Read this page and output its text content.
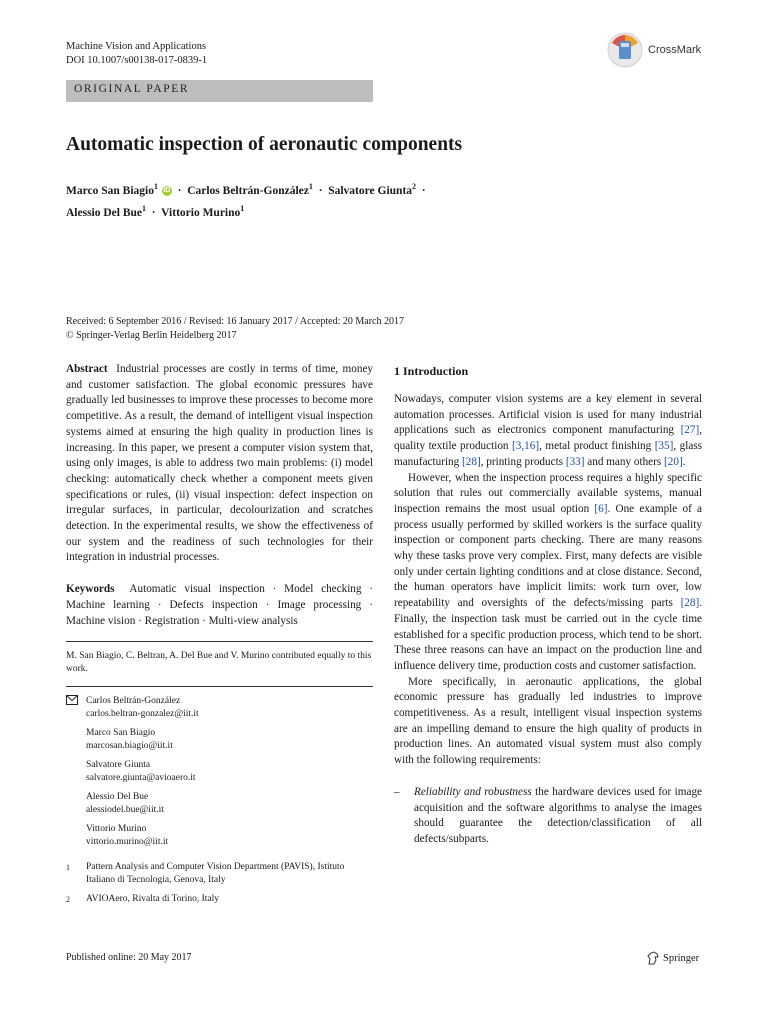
Machine Vision and Applications
DOI 10.1007/s00138-017-0839-1
CrossMark
ORIGINAL PAPER
Automatic inspection of aeronautic components
Marco San Biagio$^1$ iD · Carlos Beltrán-González$^1$ · Salvatore Giunta$^2$ ·
Alessio Del Bue$^1$ · Vittorio Murino$^1$
Received: 6 September 2016 / Revised: 16 January 2017 / Accepted: 20 March 2017
© Springer-Verlag Berlin Heidelberg 2017

Abstract Industrial processes are costly in terms of time, money and customer satisfaction. The global economic pressures have gradually led businesses to improve these processes to become more competitive. As a result, the demand of intelligent visual inspection systems aimed at ensuring the high quality in production lines is increasing. In this paper, we present a computer vision system that, using only images, is able to address two main problems: (i) model checking: automatically check whether a component meets given specifications or rules, (ii) visual inspection: defect inspection on irregular surfaces, in particular, decolourization and scratches detection. In the experimental results, we show the effectiveness of our system and the readiness of such technologies for their integration in industrial processes.

Keywords Automatic visual inspection · Model checking · Machine learning · Defects inspection · Image processing · Machine vision · Registration · Multi-view analysis

M. San Biagio, C. Beltran, A. Del Bue and V. Murino contributed equally to this work.

Carlos Beltrán-González
carlos.beltran-gonzalez@iit.it
Marco San Biagio
marcosan.biagio@iit.it
Salvatore Giunta
salvatore.giunta@avioaero.it
Alessio Del Bue
alessiodel.bue@iit.it
Vittorio Murino
vittorio.murino@iit.it
1	Pattern Analysis and Computer Vision Department (PAVIS), Istituto Italiano di Tecnologia, Genova, Italy
2	AVIOAero, Rivalta di Torino, Italy
1 Introduction

Nowadays, computer vision systems are a key element in several automation processes. Artificial vision is used for many industrial applications such as electronics component manufacturing [27], quality textile production [3,16], metal product finishing [35], glass manufacturing [28], printing products [33] and many others [20].

However, when the inspection process requires a highly specific solution that rules out commercially available systems, manual inspection remains the most usual option [6]. One example of a process usually performed by skilled workers is the surface quality inspection or component parts checking. There are many reasons why these tasks prove very complex. First, many defects are visible only under certain lighting conditions and at close distance. Second, the human operators have implicit limits: work turn over, low repeatability and oversights of the defects/missing parts [28]. Finally, the inspection task must be carried out in the cycle time established for a specific production process, which tend to be short. These three reasons can have an impact on the production line and influence delivery time, production costs and customer satisfaction.

More specifically, in aeronautic applications, the global economic pressure has gradually led industries to improve competitiveness. As a result, intelligent visual inspection systems are an impelling demand to ensure the high quality of products in production lines. An automated visual system must also comply with the following requirements:

–	Reliability and robustness the hardware devices used for image acquisition and the software algorithms to analyse the images should guarantee the detection/classification of all defects/subparts.

Published online: 20 May 2017	Springer
